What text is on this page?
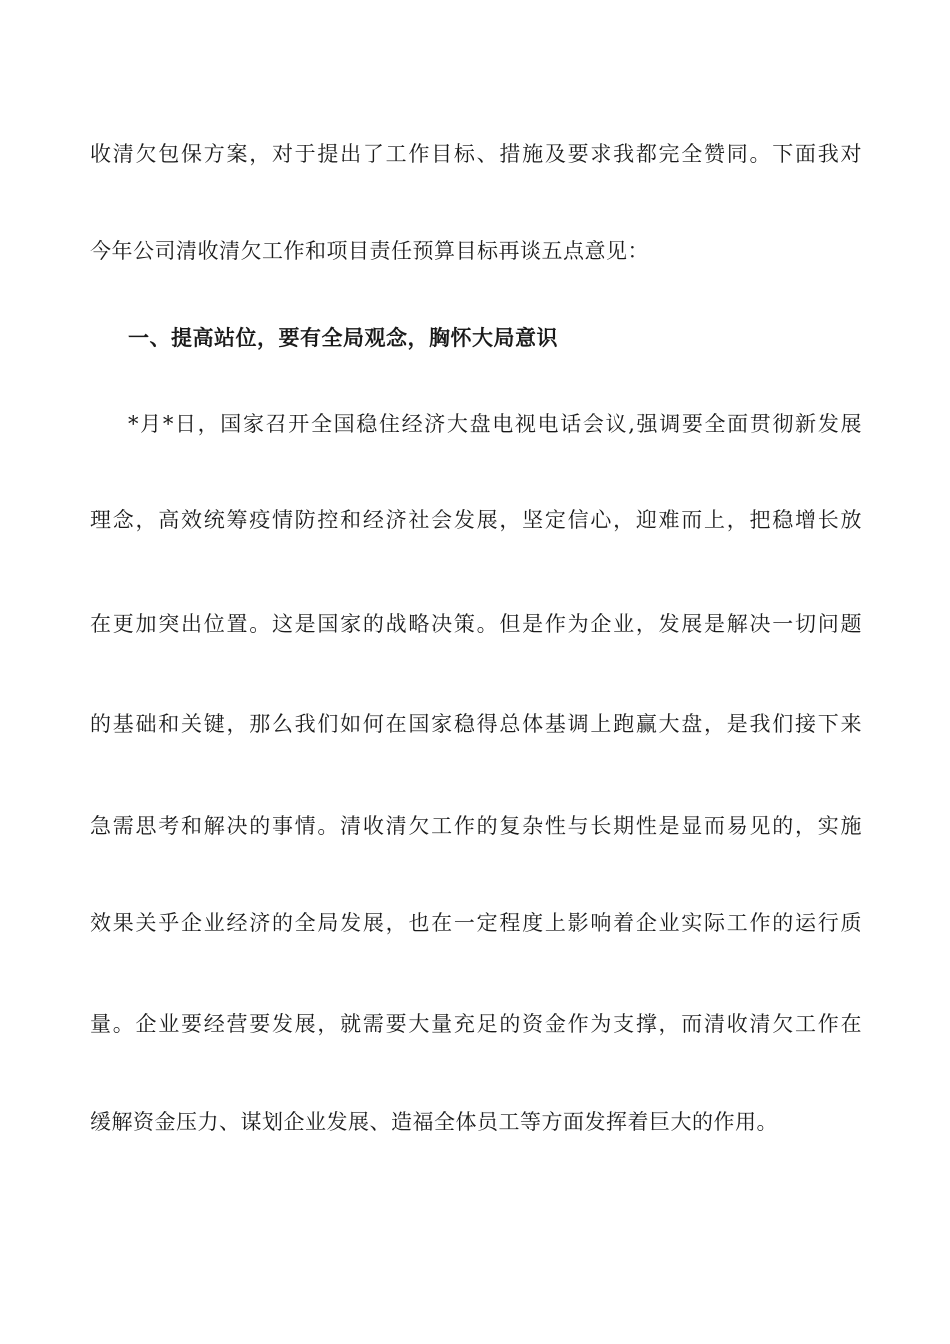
收清欠包保方案，对于提出了工作目标、措施及要求我都完全赞同。下面我对
今年公司清收清欠工作和项目责任预算目标再谈五点意见：
一、提高站位，要有全局观念，胸怀大局意识
*月*日，国家召开全国稳住经济大盘电视电话会议,强调要全面贯彻新发展
理念，高效统筹疫情防控和经济社会发展，坚定信心，迎难而上，把稳增长放
在更加突出位置。这是国家的战略决策。但是作为企业，发展是解决一切问题
的基础和关键，那么我们如何在国家稳得总体基调上跑赢大盘，是我们接下来
急需思考和解决的事情。清收清欠工作的复杂性与长期性是显而易见的，实施
效果关乎企业经济的全局发展，也在一定程度上影响着企业实际工作的运行质
量。企业要经营要发展，就需要大量充足的资金作为支撑，而清收清欠工作在
缓解资金压力、谋划企业发展、造福全体员工等方面发挥着巨大的作用。
